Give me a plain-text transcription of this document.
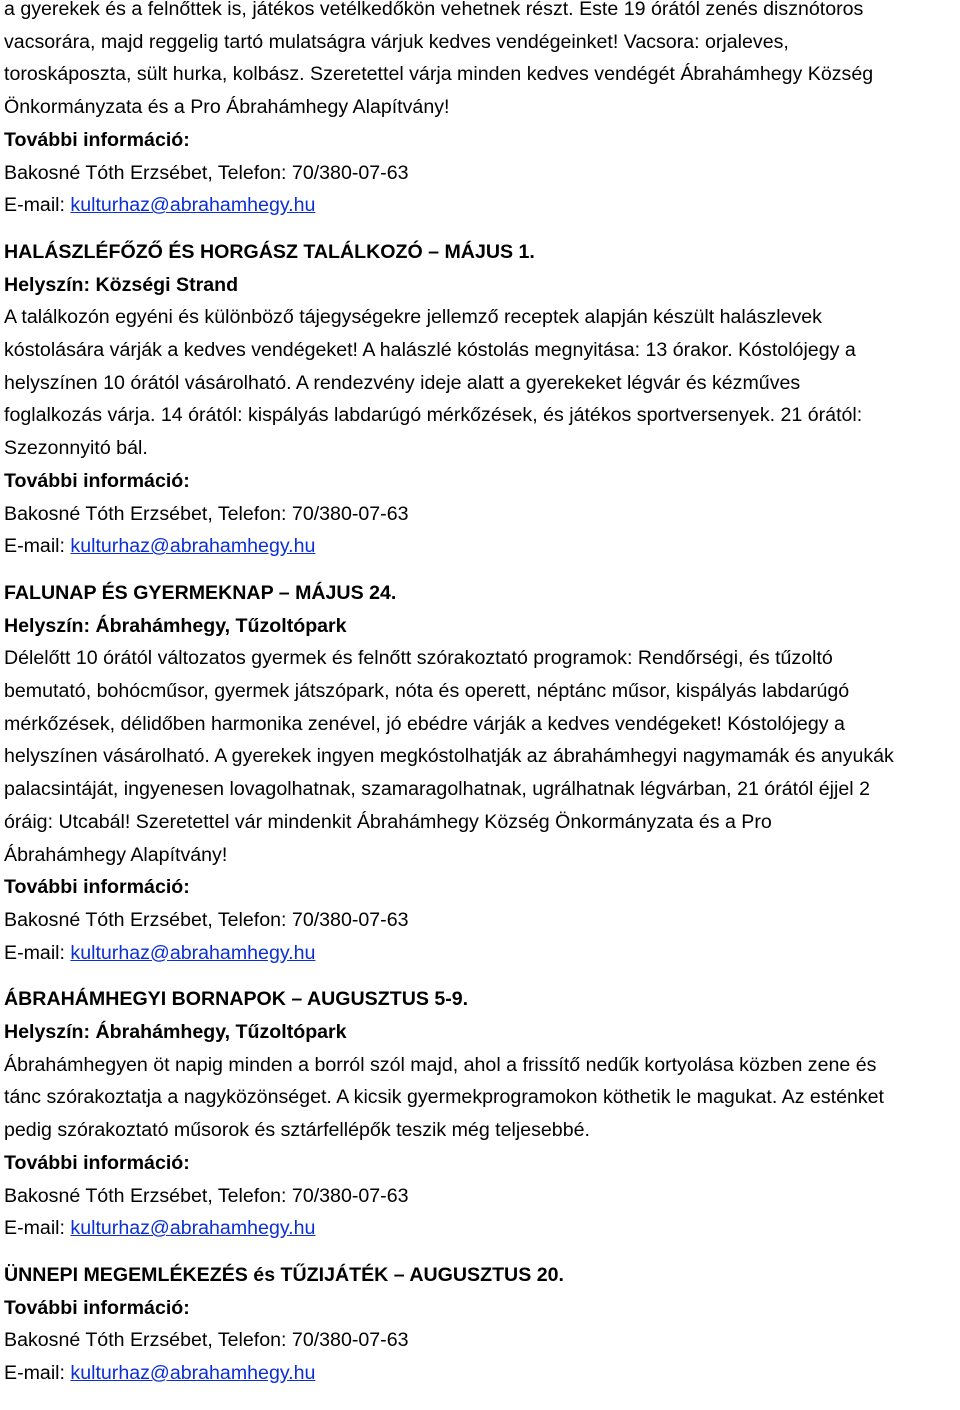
a gyerekek és a felnőttek is, játékos vetélkedőkön vehetnek részt. Este 19 órától zenés disznótoros
vacsorára, majd reggelig tartó mulatságra várjuk kedves vendégeinket! Vacsora: orjaleves,
toroskáposzta, sült hurka, kolbász. Szeretettel várja minden kedves vendégét Ábrahámhegy Község
Önkormányzata és a Pro Ábrahámhegy Alapítvány!
További információ:
Bakosné Tóth Erzsébet, Telefon: 70/380-07-63
E-mail: kulturhaz@abrahamhegy.hu
HALÁSZLÉFŐZŐ ÉS HORGÁSZ TALÁLKOZÓ – MÁJUS 1.
Helyszín: Községi Strand
A találkozón egyéni és különböző tájegységekre jellemző receptek alapján készült halászlevek
kóstolására várják a kedves vendégeket! A halászlé kóstolás megnyitása: 13 órakor. Kóstolójegy a
helyszínen 10 órától vásárolható. A rendezvény ideje alatt a gyerekeket légvár és kézműves
foglalkozás várja. 14 órától: kispályás labdarúgó mérkőzések, és játékos sportversenyek. 21 órától:
Szezonnyitó bál.
További információ:
Bakosné Tóth Erzsébet, Telefon: 70/380-07-63
E-mail: kulturhaz@abrahamhegy.hu
FALUNAP ÉS GYERMEKNAP – MÁJUS 24.
Helyszín: Ábrahámhegy, Tűzoltópark
Délelőtt 10 órától változatos gyermek és felnőtt szórakoztató programok: Rendőrségi, és tűzoltó
bemutató, bohócműsor, gyermek játszópark, nóta és operett, néptánc műsor, kispályás labdarúgó
mérkőzések, délidőben harmonika zenével, jó ebédre várják a kedves vendégeket! Kóstolójegy a
helyszínen vásárolható. A gyerekek ingyen megkóstolhatják az ábrahámhegyi nagymamák és anyukák
palacsintáját, ingyenesen lovagolhatnak, szamaragolhatnak, ugrálhatnak légvárban, 21 órától éjjel 2
óráig: Utcabál! Szeretettel vár mindenkit Ábrahámhegy Község Önkormányzata és a Pro
Ábrahámhegy Alapítvány!
További információ:
Bakosné Tóth Erzsébet, Telefon: 70/380-07-63
E-mail: kulturhaz@abrahamhegy.hu
ÁBRAHÁMHEGYI BORNAPOK – AUGUSZTUS 5-9.
Helyszín: Ábrahámhegy, Tűzoltópark
Ábrahámhegyen öt napig minden a borról szól majd, ahol a frissítő nedűk kortyolása közben zene és
tánc szórakoztatja a nagyközönséget. A kicsik gyermekprogramokon köthetik le magukat. Az esténket
pedig szórakoztató műsorok és sztárfellépők teszik még teljesebbé.
További információ:
Bakosné Tóth Erzsébet, Telefon: 70/380-07-63
E-mail: kulturhaz@abrahamhegy.hu
ÜNNEPI MEGEMLÉKEZÉS és TŰZIJÁTÉK – AUGUSZTUS 20.
További információ:
Bakosné Tóth Erzsébet, Telefon: 70/380-07-63
E-mail: kulturhaz@abrahamhegy.hu
